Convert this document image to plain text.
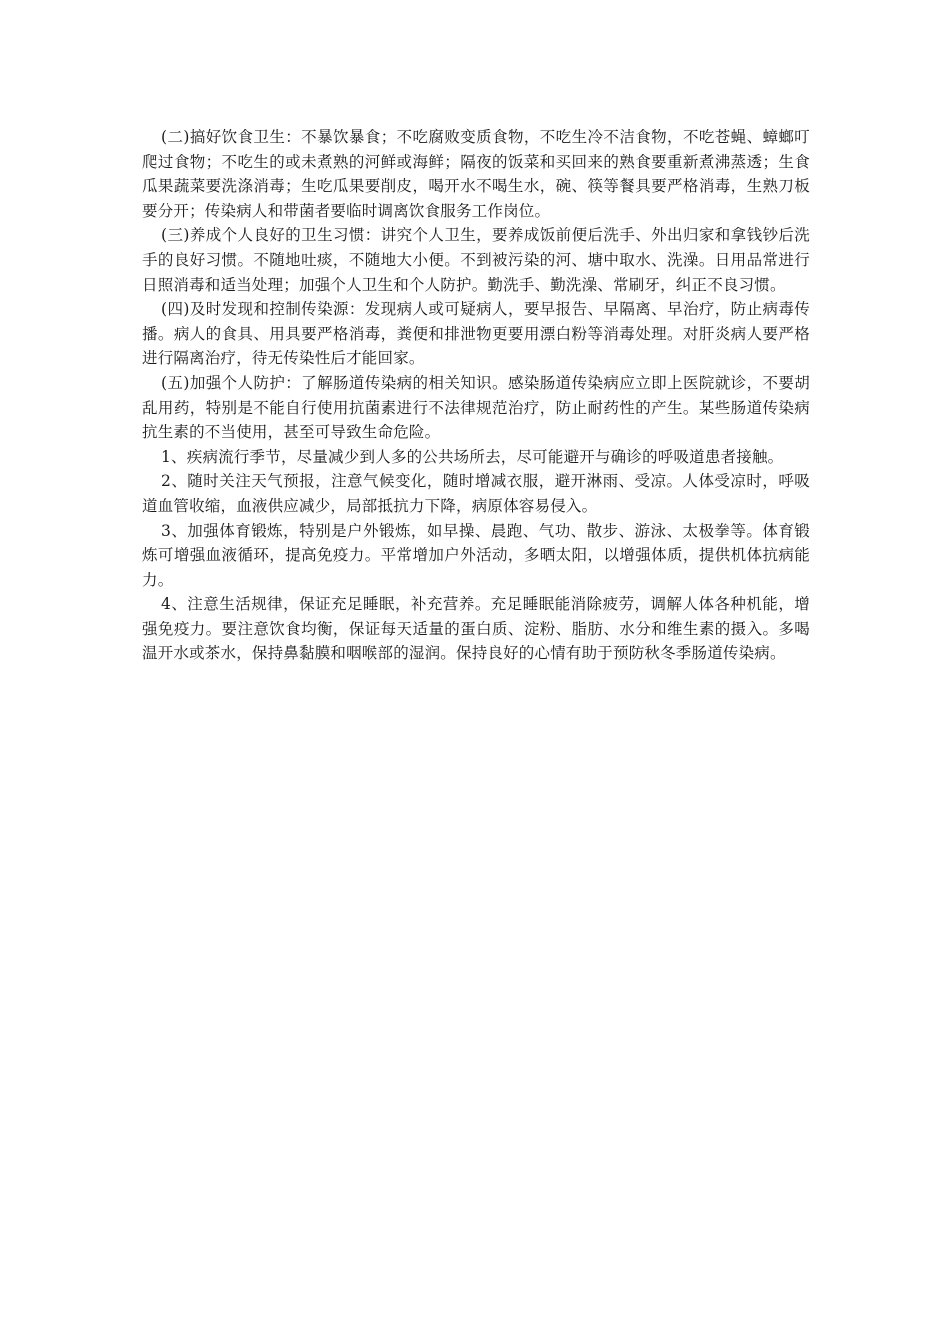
(二)搞好饮食卫生：不暴饮暴食；不吃腐败变质食物，不吃生冷不洁食物，不吃苍蝇、蟑螂叮爬过食物；不吃生的或未煮熟的河鲜或海鲜；隔夜的饭菜和买回来的熟食要重新煮沸蒸透；生食瓜果蔬菜要洗涤消毒；生吃瓜果要削皮，喝开水不喝生水，碗、筷等餐具要严格消毒，生熟刀板要分开；传染病人和带菌者要临时调离饮食服务工作岗位。

(三)养成个人良好的卫生习惯：讲究个人卫生，要养成饭前便后洗手、外出归家和拿钱钞后洗手的良好习惯。不随地吐痰，不随地大小便。不到被污染的河、塘中取水、洗澡。日用品常进行日照消毒和适当处理；加强个人卫生和个人防护。勤洗手、勤洗澡、常刷牙，纠正不良习惯。

(四)及时发现和控制传染源：发现病人或可疑病人，要早报告、早隔离、早治疗，防止病毒传播。病人的食具、用具要严格消毒，粪便和排泄物更要用漂白粉等消毒处理。对肝炎病人要严格进行隔离治疗，待无传染性后才能回家。

(五)加强个人防护：了解肠道传染病的相关知识。感染肠道传染病应立即上医院就诊，不要胡乱用药，特别是不能自行使用抗菌素进行不法律规范治疗，防止耐药性的产生。某些肠道传染病抗生素的不当使用，甚至可导致生命危险。

1、疾病流行季节，尽量减少到人多的公共场所去，尽可能避开与确诊的呼吸道患者接触。

2、随时关注天气预报，注意气候变化，随时增减衣服，避开淋雨、受凉。人体受凉时，呼吸道血管收缩，血液供应减少，局部抵抗力下降，病原体容易侵入。

3、加强体育锻炼，特别是户外锻炼，如早操、晨跑、气功、散步、游泳、太极拳等。体育锻炼可增强血液循环，提高免疫力。平常增加户外活动，多晒太阳，以增强体质，提供机体抗病能力。

4、注意生活规律，保证充足睡眠，补充营养。充足睡眠能消除疲劳，调解人体各种机能，增强免疫力。要注意饮食均衡，保证每天适量的蛋白质、淀粉、脂肪、水分和维生素的摄入。多喝温开水或茶水，保持鼻黏膜和咽喉部的湿润。保持良好的心情有助于预防秋冬季肠道传染病。
